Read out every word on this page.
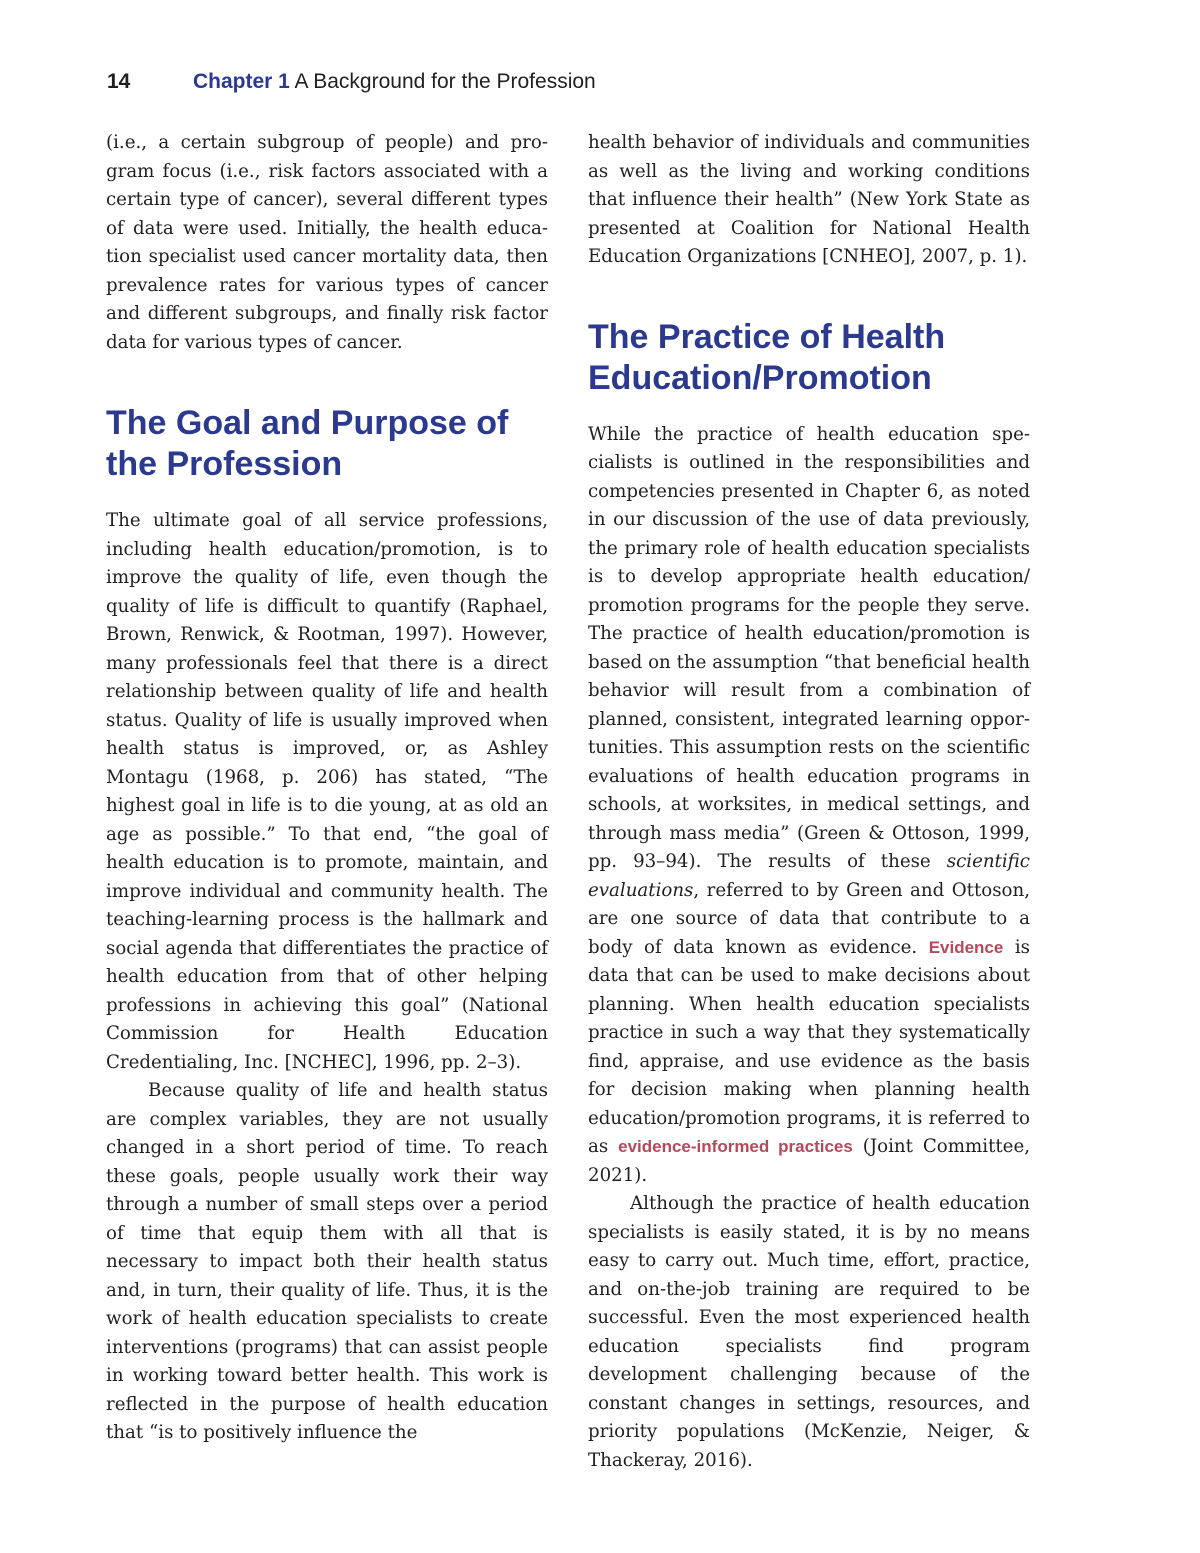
14	Chapter 1 A Background for the Profession

(i.e., a certain subgroup of people) and program focus (i.e., risk factors associated with a certain type of cancer), several different types of data were used. Initially, the health education specialist used cancer mortality data, then prevalence rates for various types of cancer and different subgroups, and finally risk factor data for various types of cancer.

The Goal and Purpose of the Profession

The ultimate goal of all service professions, including health education/promotion, is to improve the quality of life, even though the quality of life is difficult to quantify (Raphael, Brown, Renwick, & Rootman, 1997). However, many professionals feel that there is a direct relationship between quality of life and health status. Quality of life is usually improved when health status is improved, or, as Ashley Montagu (1968, p. 206) has stated, “The highest goal in life is to die young, at as old an age as possible.” To that end, “the goal of health education is to promote, maintain, and improve individual and community health. The teaching-learning process is the hallmark and social agenda that differentiates the practice of health education from that of other helping professions in achieving this goal” (National Commission for Health Education Credentialing, Inc. [NCHEC], 1996, pp. 2–3).

Because quality of life and health status are complex variables, they are not usually changed in a short period of time. To reach these goals, people usually work their way through a number of small steps over a period of time that equip them with all that is necessary to impact both their health status and, in turn, their quality of life. Thus, it is the work of health education specialists to create interventions (programs) that can assist people in working toward better health. This work is reflected in the purpose of health education that “is to positively influence the

health behavior of individuals and communities as well as the living and working conditions that influence their health” (New York State as presented at Coalition for National Health Education Organizations [CNHEO], 2007, p. 1).

The Practice of Health Education/Promotion

While the practice of health education specialists is outlined in the responsibilities and competencies presented in Chapter 6, as noted in our discussion of the use of data previously, the primary role of health education specialists is to develop appropriate health education/ promotion programs for the people they serve. The practice of health education/promotion is based on the assumption “that beneficial health behavior will result from a combination of planned, consistent, integrated learning opportunities. This assumption rests on the scientific evaluations of health education programs in schools, at worksites, in medical settings, and through mass media” (Green & Ottoson, 1999, pp. 93–94). The results of these scientific evaluations, referred to by Green and Ottoson, are one source of data that contribute to a body of data known as evidence. Evidence is data that can be used to make decisions about planning. When health education specialists practice in such a way that they systematically find, appraise, and use evidence as the basis for decision making when planning health education/promotion programs, it is referred to as evidence-informed practices (Joint Committee, 2021).

Although the practice of health education specialists is easily stated, it is by no means easy to carry out. Much time, effort, practice, and on-the-job training are required to be successful. Even the most experienced health education specialists find program development challenging because of the constant changes in settings, resources, and priority populations (McKenzie, Neiger, & Thackeray, 2016).
